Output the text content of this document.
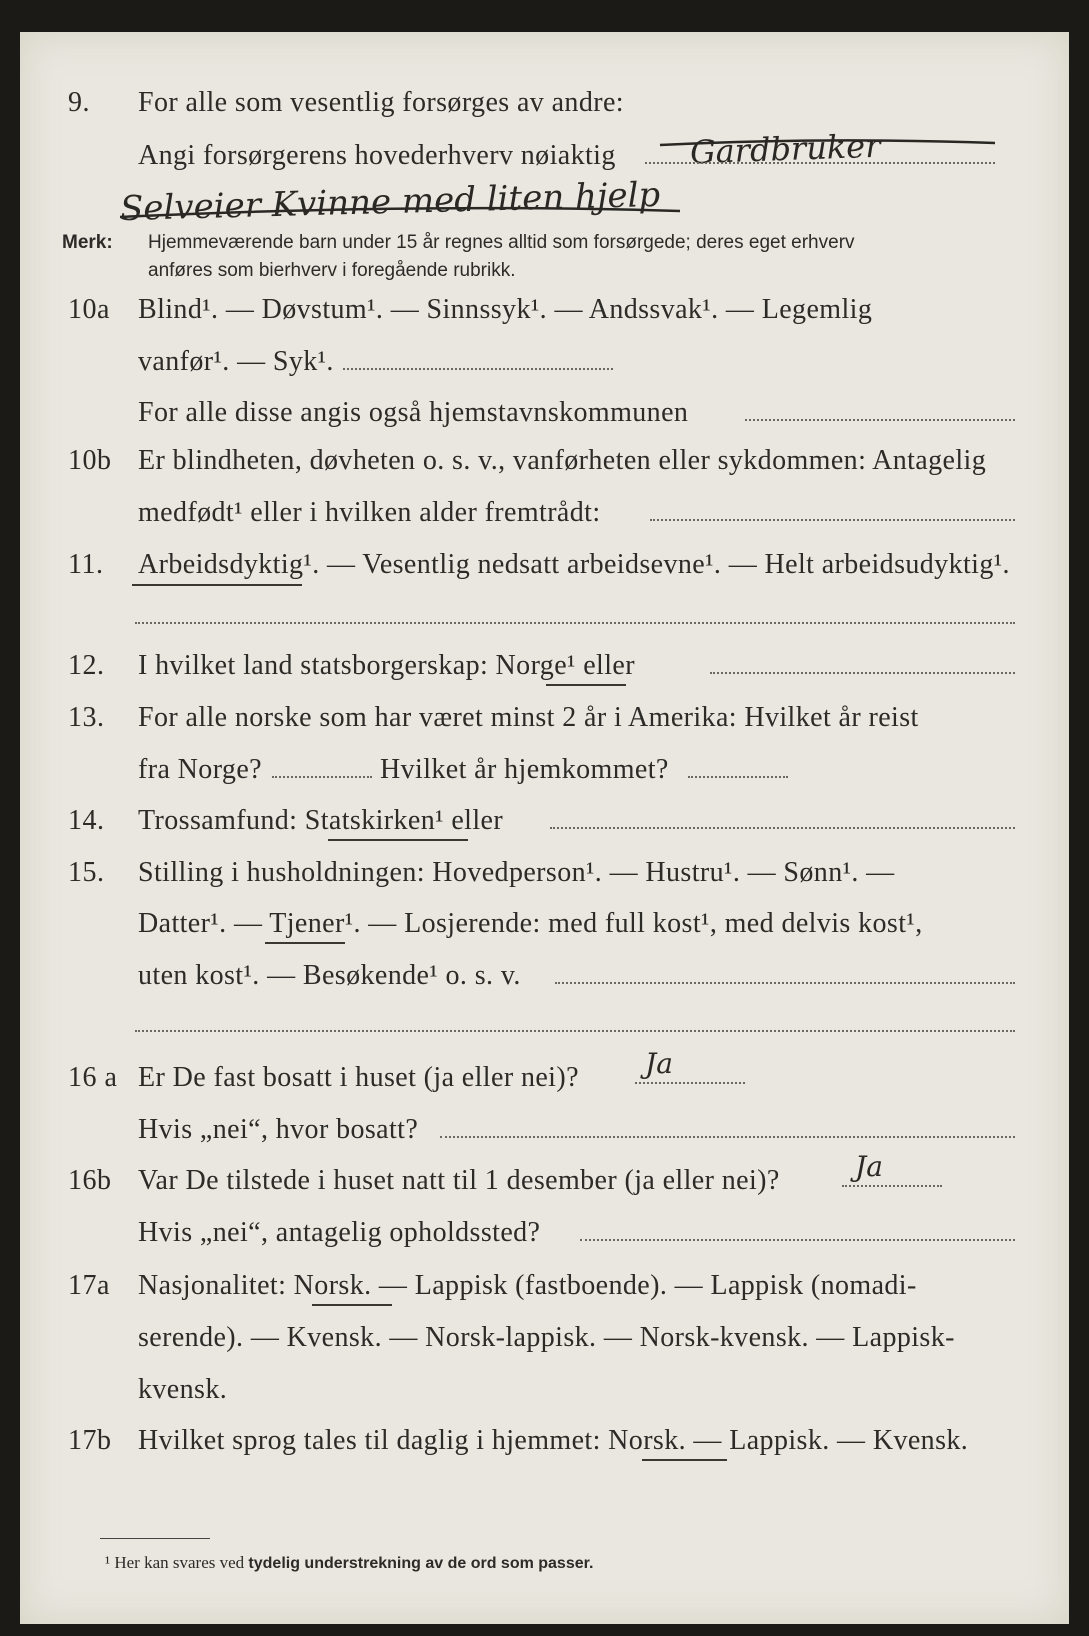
9. For alle som vesentlig forsørges av andre:
Gardbruker
Angi forsørgerens hovederhverv nøiaktig
Selveier Kvinne med liten hjelp
Merk: Hjemmeværende barn under 15 år regnes alltid som forsørgede; deres eget erhverv
anføres som bierhverv i foregående rubrikk.
10a Blind¹. — Døvstum¹. — Sinnssyk¹. — Andssvak¹. — Legemlig
vanfør¹. — Syk¹.
For alle disse angis også hjemstavnskommunen
10b Er blindheten, døvheten o. s. v., vanførheten eller sykdommen: Antagelig
medfødt¹ eller i hvilken alder fremtrådt:
11. Arbeidsdyktig¹. — Vesentlig nedsatt arbeidsevne¹. — Helt arbeidsudyktig¹.
12. I hvilket land statsborgerskap: Norge¹ eller
13. For alle norske som har været minst 2 år i Amerika: Hvilket år reist
fra Norge?	Hvilket år hjemkommet?
14. Trossamfund: Statskirken¹ eller
15. Stilling i husholdningen: Hovedperson¹. — Hustru¹. — Sønn¹. —
Datter¹. — Tjener¹. — Losjerende: med full kost¹, med delvis kost¹,
uten kost¹. — Besøkende¹ o. s. v.
16 a Er De fast bosatt i huset (ja eller nei)? Ja
Hvis „nei“, hvor bosatt?
16b Var De tilstede i huset natt til 1 desember (ja eller nei)?	Ja
Hvis „nei“, antagelig opholdssted?
17a Nasjonalitet: Norsk. — Lappisk (fastboende). — Lappisk (nomadi-
serende). — Kvensk. — Norsk-lappisk. — Norsk-kvensk. — Lappisk-
kvensk.
17b Hvilket sprog tales til daglig i hjemmet: Norsk. — Lappisk. — Kvensk.
¹ Her kan svares ved tydelig understrekning av de ord som passer.
